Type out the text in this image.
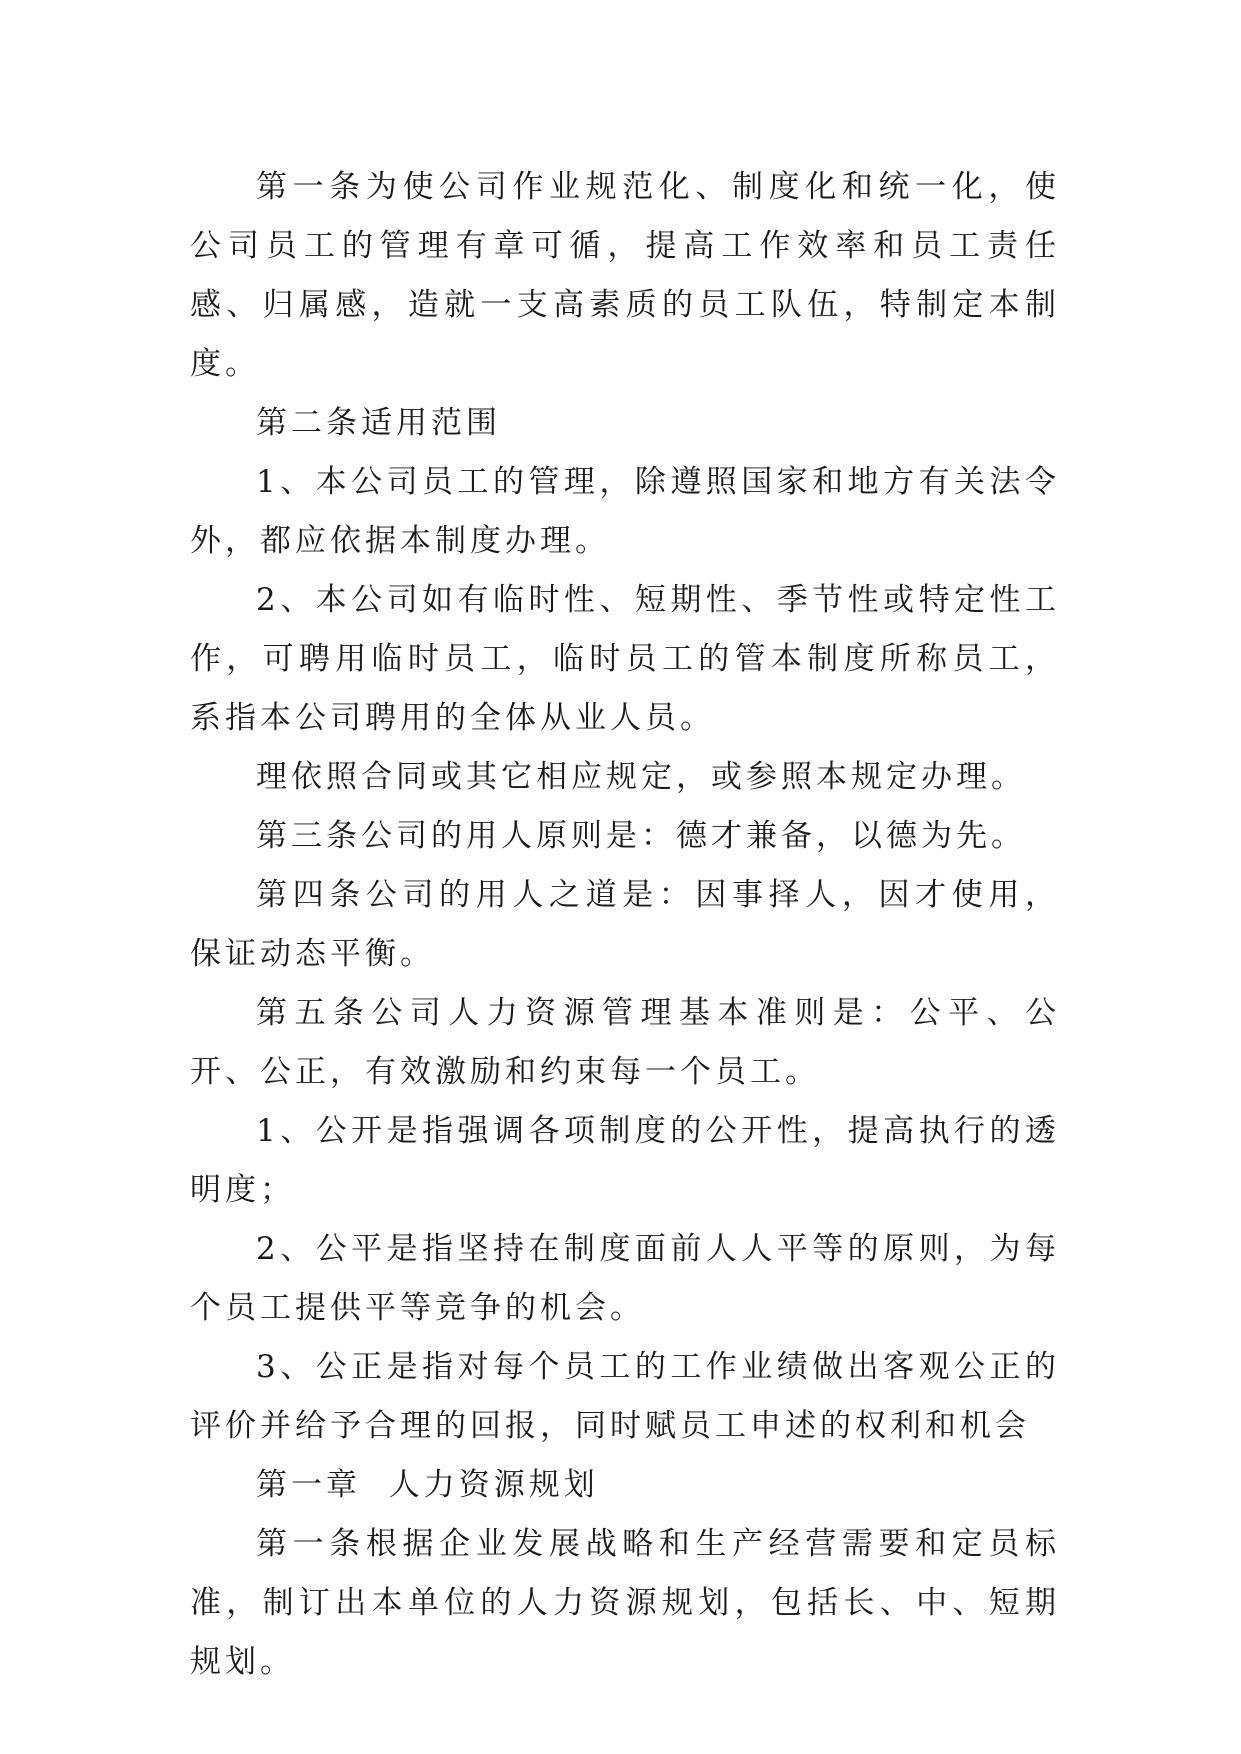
第一条为使公司作业规范化、制度化和统一化，使公司员工的管理有章可循，提高工作效率和员工责任感、归属感，造就一支高素质的员工队伍，特制定本制度。

第二条适用范围

1、本公司员工的管理，除遵照国家和地方有关法令外，都应依据本制度办理。

2、本公司如有临时性、短期性、季节性或特定性工作，可聘用临时员工，临时员工的管本制度所称员工，系指本公司聘用的全体从业人员。

理依照合同或其它相应规定，或参照本规定办理。

第三条公司的用人原则是：德才兼备，以德为先。

第四条公司的用人之道是：因事择人，因才使用，保证动态平衡。

第五条公司人力资源管理基本准则是：公平、公开、公正，有效激励和约束每一个员工。

1、公开是指强调各项制度的公开性，提高执行的透明度；

2、公平是指坚持在制度面前人人平等的原则，为每个员工提供平等竞争的机会。

3、公正是指对每个员工的工作业绩做出客观公正的评价并给予合理的回报，同时赋员工申述的权利和机会

第一章  人力资源规划

第一条根据企业发展战略和生产经营需要和定员标准，制订出本单位的人力资源规划，包括长、中、短期规划。
